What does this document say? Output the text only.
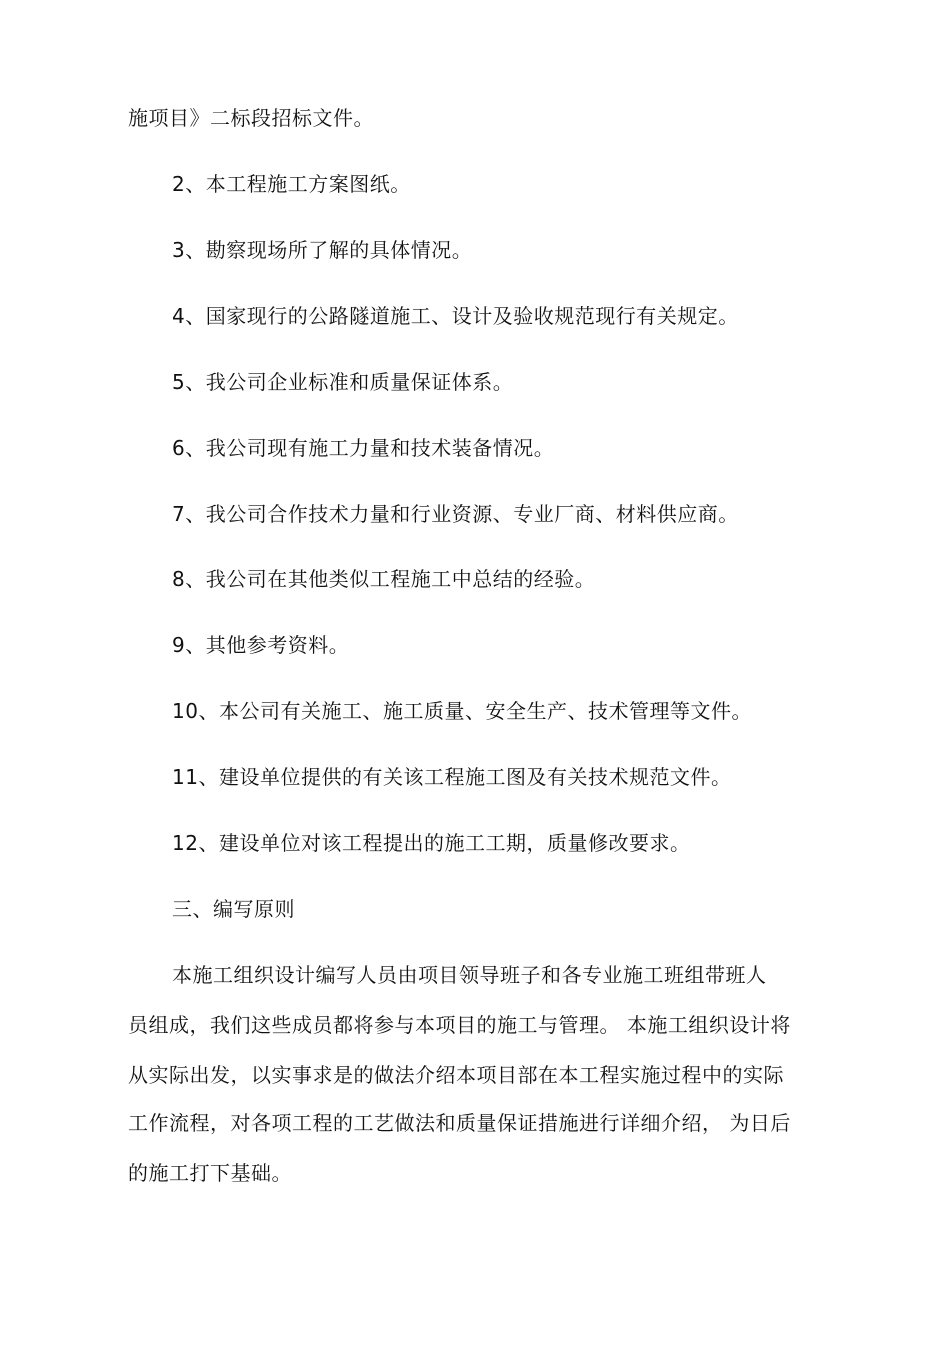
施项目》二标段招标文件。
2、本工程施工方案图纸。
3、勘察现场所了解的具体情况。
4、国家现行的公路隧道施工、设计及验收规范现行有关规定。
5、我公司企业标准和质量保证体系。
6、我公司现有施工力量和技术装备情况。
7、我公司合作技术力量和行业资源、专业厂商、材料供应商。
8、我公司在其他类似工程施工中总结的经验。
9、其他参考资料。
10、本公司有关施工、施工质量、安全生产、技术管理等文件。
11、建设单位提供的有关该工程施工图及有关技术规范文件。
12、建设单位对该工程提出的施工工期，质量修改要求。
三、编写原则
本施工组织设计编写人员由项目领导班子和各专业施工班组带班人
员组成，我们这些成员都将参与本项目的施工与管理。 本施工组织设计将
从实际出发，以实事求是的做法介绍本项目部在本工程实施过程中的实际
工作流程，对各项工程的工艺做法和质量保证措施进行详细介绍， 为日后
的施工打下基础。
